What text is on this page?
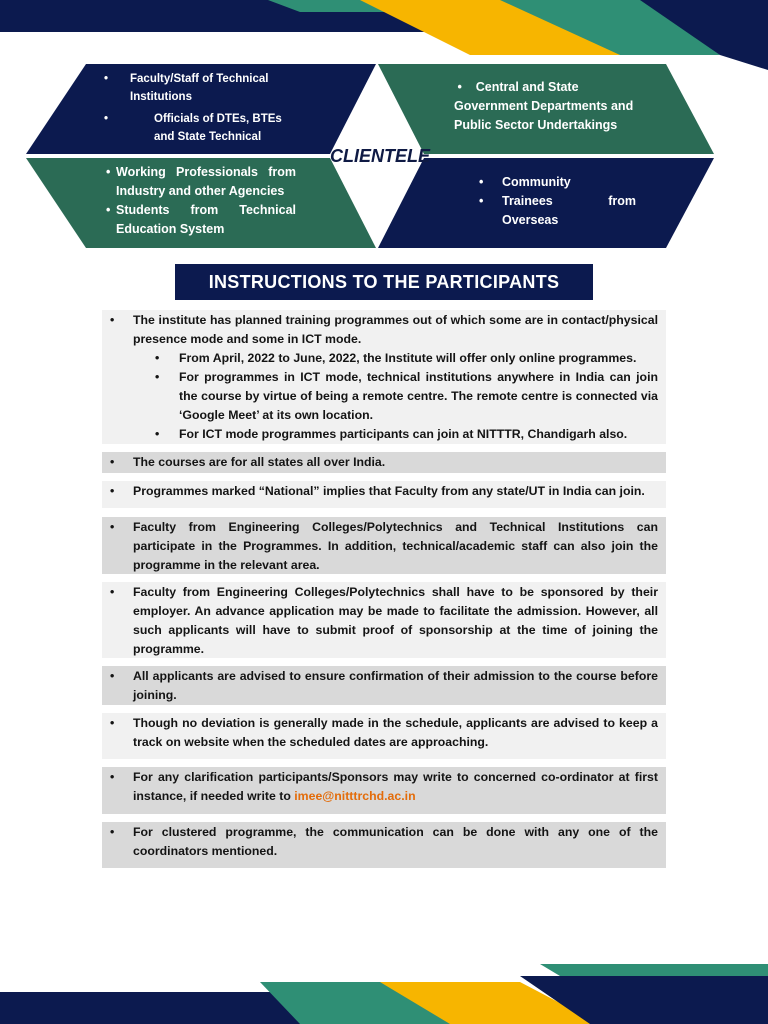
• Faculty/Staff of Technical Institutions
• Officials of DTEs, BTEs and State Technical
•    Central and State Government Departments and Public Sector Undertakings
• Working Professionals from Industry and other Agencies
• Students from Technical Education System
• Community
• Trainees from Overseas
CLIENTELE
INSTRUCTIONS TO THE PARTICIPANTS
• The institute has planned training programmes out of which some are in contact/physical presence mode and some in ICT mode.
• From April, 2022 to June, 2022, the Institute will offer only online programmes.
• For programmes in ICT mode, technical institutions anywhere in India can join the course by virtue of being a remote centre. The remote centre is connected via ‘Google Meet’ at its own location.
• For ICT mode programmes participants can join at NITTTR, Chandigarh also.
• The courses are for all states all over India.
• Programmes marked “National” implies that Faculty from any state/UT in India can join.
• Faculty from Engineering Colleges/Polytechnics and Technical Institutions can participate in the Programmes. In addition, technical/academic staff can also join the programme in the relevant area.
• Faculty from Engineering Colleges/Polytechnics shall have to be sponsored by their employer. An advance application may be made to facilitate the admission. However, all such applicants will have to submit proof of sponsorship at the time of joining the programme.
• All applicants are advised to ensure confirmation of their admission to the course before joining.
• Though no deviation is generally made in the schedule, applicants are advised to keep a track on website when the scheduled dates are approaching.
• For any clarification participants/Sponsors may write to concerned co-ordinator at first instance, if needed write to imee@nitttrchd.ac.in
• For clustered programme, the communication can be done with any one of the coordinators mentioned.
